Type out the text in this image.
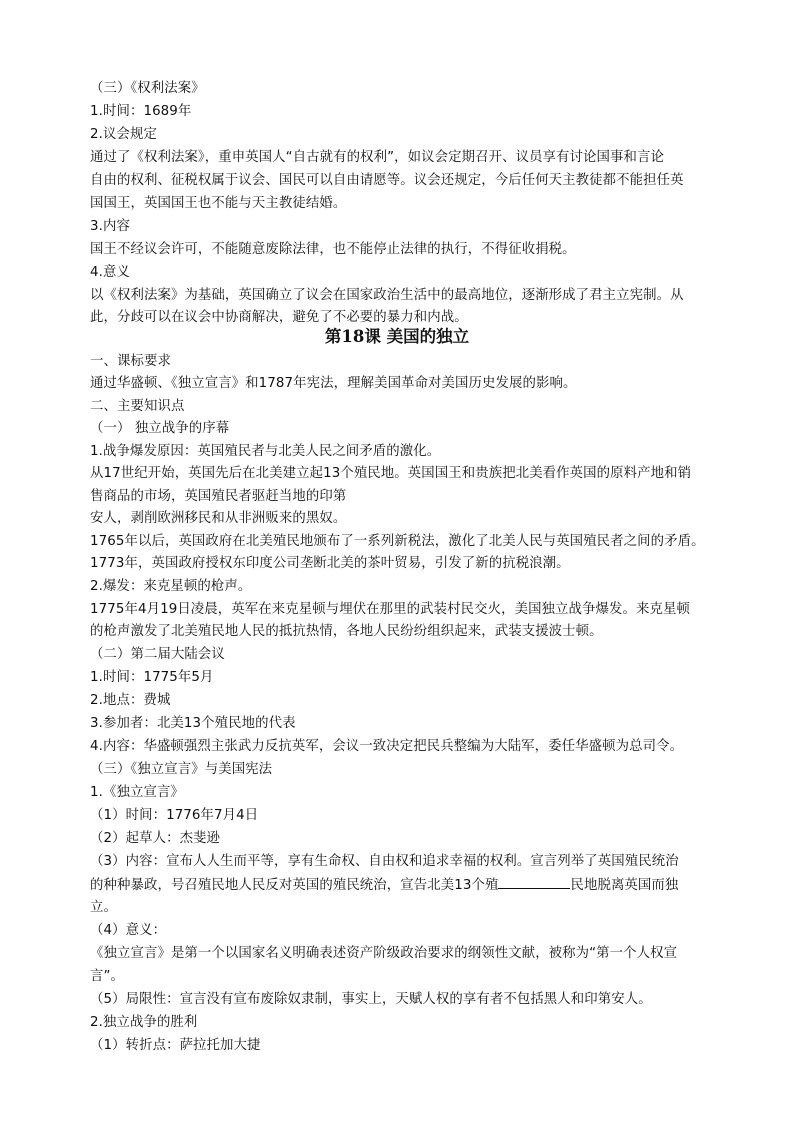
（三）《权利法案》
1.时间：1689年
2.议会规定
通过了《权利法案》，重申英国人“自古就有的权利”，如议会定期召开、议员享有讨论国事和言论
自由的权利、征税权属于议会、国民可以自由请愿等。议会还规定，今后任何天主教徒都不能担任英
国国王，英国国王也不能与天主教徒结婚。
3.内容
国王不经议会许可，不能随意废除法律，也不能停止法律的执行，不得征收捐税。
4.意义
以《权利法案》为基础，英国确立了议会在国家政治生活中的最高地位，逐渐形成了君主立宪制。从
此，分歧可以在议会中协商解决，避免了不必要的暴力和内战。
第18课 美国的独立
一、课标要求
通过华盛顿、《独立宣言》和1787年宪法，理解美国革命对美国历史发展的影响。
二、主要知识点
（一） 独立战争的序幕
1.战争爆发原因：英国殖民者与北美人民之间矛盾的激化。
从17世纪开始，英国先后在北美建立起13个殖民地。英国国王和贵族把北美看作英国的原料产地和销
售商品的市场，英国殖民者驱赶当地的印第
安人，剥削欧洲移民和从非洲贩来的黑奴。
1765年以后，英国政府在北美殖民地颁布了一系列新税法，激化了北美人民与英国殖民者之间的矛盾。
1773年，英国政府授权东印度公司垄断北美的茶叶贸易，引发了新的抗税浪潮。
2.爆发：来克星顿的枪声。
1775年4月19日凌晨，英军在来克星顿与埋伏在那里的武装村民交火，美国独立战争爆发。来克星顿
的枪声激发了北美殖民地人民的抵抗热情，各地人民纷纷组织起来，武装支援波士顿。
（二）第二届大陆会议
1.时间：1775年5月
2.地点：费城
3.参加者：北美13个殖民地的代表
4.内容：华盛顿强烈主张武力反抗英军，会议一致决定把民兵整编为大陆军，委任华盛顿为总司令。
（三）《独立宣言》与美国宪法
1.《独立宣言》
（1）时间：1776年7月4日
（2）起草人：杰斐逊
（3）内容：宣布人人生而平等，享有生命权、自由权和追求幸福的权利。宣言列举了英国殖民统治
的种种暴政，号召殖民地人民反对英国的殖民统治，宣告北美13个殖	民地脱离英国而独
立。
（4）意义：
《独立宣言》是第一个以国家名义明确表述资产阶级政治要求的纲领性文献，被称为“第一个人权宣
言”。
（5）局限性：宣言没有宣布废除奴隶制，事实上，天赋人权的享有者不包括黑人和印第安人。
2.独立战争的胜利
（1）转折点：萨拉托加大捷
